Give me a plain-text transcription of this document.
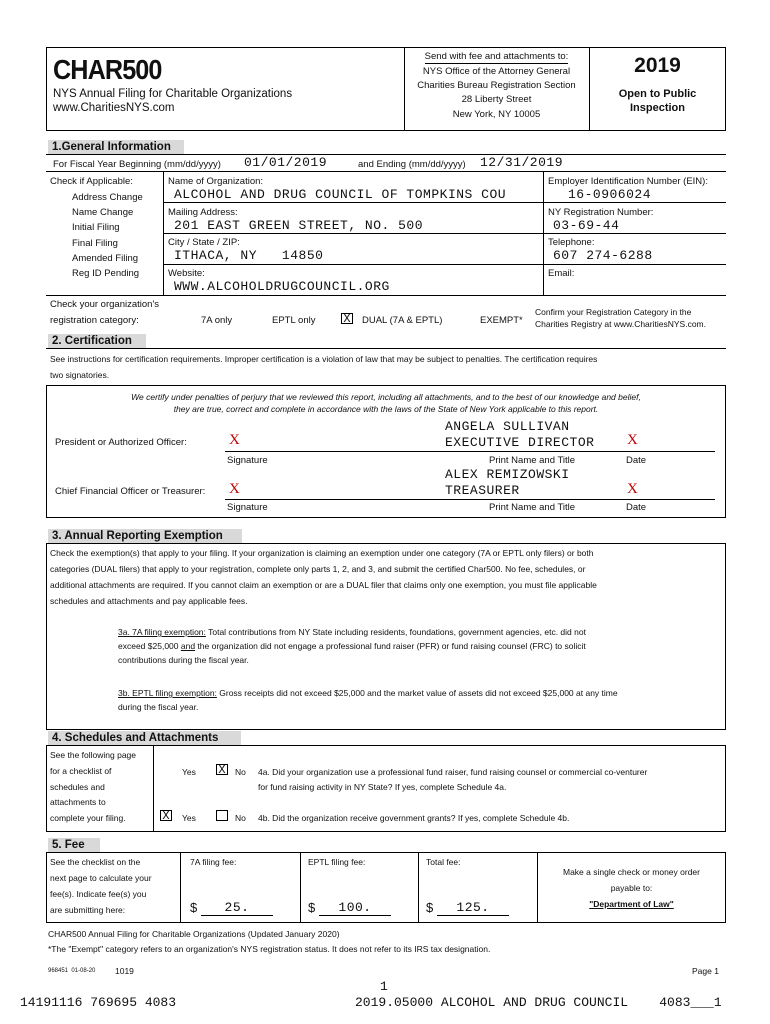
CHAR500
NYS Annual Filing for Charitable Organizations
www.CharitiesNYS.com
Send with fee and attachments to:
NYS Office of the Attorney General
Charities Bureau Registration Section
28 Liberty Street
New York, NY 10005
2019
Open to Public
Inspection
1.General Information
For Fiscal Year Beginning (mm/dd/yyyy) 01/01/2019	and Ending (mm/dd/yyyy) 12/31/2019
Check if Applicable:
Address Change
Name Change
Initial Filing
Final Filing
Amended Filing
Reg ID Pending
Name of Organization:
ALCOHOL AND DRUG COUNCIL OF TOMPKINS COU
Mailing Address:
201 EAST GREEN STREET, NO. 500
City / State / ZIP:
ITHACA, NY   14850
Website:
WWW.ALCOHOLDRUGCOUNCIL.ORG
Employer Identification Number (EIN):
16-0906024
NY Registration Number:
03-69-44
Telephone:
607 274-6288
Email:
Check your organization's
registration category:	7A only	EPTL only X DUAL (7A & EPTL)	EXEMPT*
Confirm your Registration Category in the
Charities Registry at www.CharitiesNYS.com.
2. Certification
See instructions for certification requirements. Improper certification is a violation of law that may be subject to penalties. The certification requires
two signatories.
We certify under penalties of perjury that we reviewed this report, including all attachments, and to the best of our knowledge and belief,
they are true, correct and complete in accordance with the laws of the State of New York applicable to this report.
President or Authorized Officer:	X
ANGELA SULLIVAN
EXECUTIVE DIRECTOR X
Signature	Print Name and Title	Date
Chief Financial Officer or Treasurer: X
ALEX REMIZOWSKI
TREASURER	X
Signature	Print Name and Title	Date
3. Annual Reporting Exemption
Check the exemption(s) that apply to your filing. If your organization is claiming an exemption under one category (7A or EPTL only filers) or both
categories (DUAL filers) that apply to your registration, complete only parts 1, 2, and 3, and submit the certified Char500. No fee, schedules, or
additional attachments are required. If you cannot claim an exemption or are a DUAL filer that claims only one exemption, you must file applicable
schedules and attachments and pay applicable fees.
3a. 7A filing exemption: Total contributions from NY State including residents, foundations, government agencies, etc. did not
exceed $25,000 and the organization did not engage a professional fund raiser (PFR) or fund raising counsel (FRC) to solicit
contributions during the fiscal year.
3b. EPTL filing exemption: Gross receipts did not exceed $25,000 and the market value of assets did not exceed $25,000 at any time
during the fiscal year.
4. Schedules and Attachments
See the following page
for a checklist of
schedules and
attachments to
complete your filing.
Yes X No 4a. Did your organization use a professional fund raiser, fund raising counsel or commercial co-venturer
for fund raising activity in NY State? If yes, complete Schedule 4a.
X Yes	No 4b. Did the organization receive government grants? If yes, complete Schedule 4b.
5. Fee
See the checklist on the
next page to calculate your
fee(s). Indicate fee(s) you
are submitting here:
7A filing fee:	EPTL filing fee:	Total fee:
$	25.	$	100.	$	125.
Make a single check or money order
payable to:
"Department of Law"
CHAR500 Annual Filing for Charitable Organizations (Updated January 2020)
*The "Exempt" category refers to an organization's NYS registration status. It does not refer to its IRS tax designation.
968451  01-08-20 1019	Page 1
1
14191116 769695 4083	2019.05000 ALCOHOL AND DRUG COUNCIL    4083___1
